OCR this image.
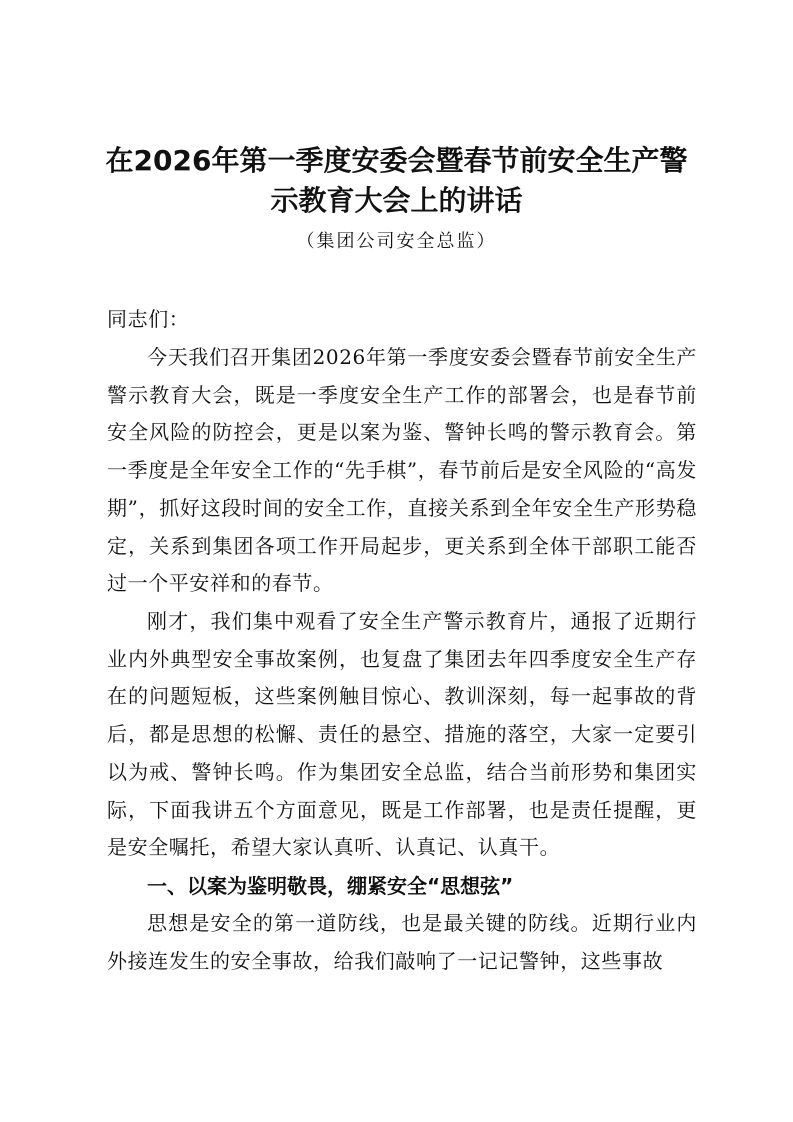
在2026年第一季度安委会暨春节前安全生产警
示教育大会上的讲话
（集团公司安全总监）
同志们：
今天我们召开集团2026年第一季度安委会暨春节前安全生产警示教育大会，既是一季度安全生产工作的部署会，也是春节前安全风险的防控会，更是以案为鉴、警钟长鸣的警示教育会。第一季度是全年安全工作的“先手棋”，春节前后是安全风险的“高发期”，抓好这段时间的安全工作，直接关系到全年安全生产形势稳定，关系到集团各项工作开局起步，更关系到全体干部职工能否过一个平安祥和的春节。
刚才，我们集中观看了安全生产警示教育片，通报了近期行业内外典型安全事故案例，也复盘了集团去年四季度安全生产存在的问题短板，这些案例触目惊心、教训深刻，每一起事故的背后，都是思想的松懈、责任的悬空、措施的落空，大家一定要引以为戒、警钟长鸣。作为集团安全总监，结合当前形势和集团实际，下面我讲五个方面意见，既是工作部署，也是责任提醒，更是安全嘱托，希望大家认真听、认真记、认真干。
一、以案为鉴明敬畏，绷紧安全“思想弦”
思想是安全的第一道防线，也是最关键的防线。近期行业内外接连发生的安全事故，给我们敲响了一记记警钟，这些事故
